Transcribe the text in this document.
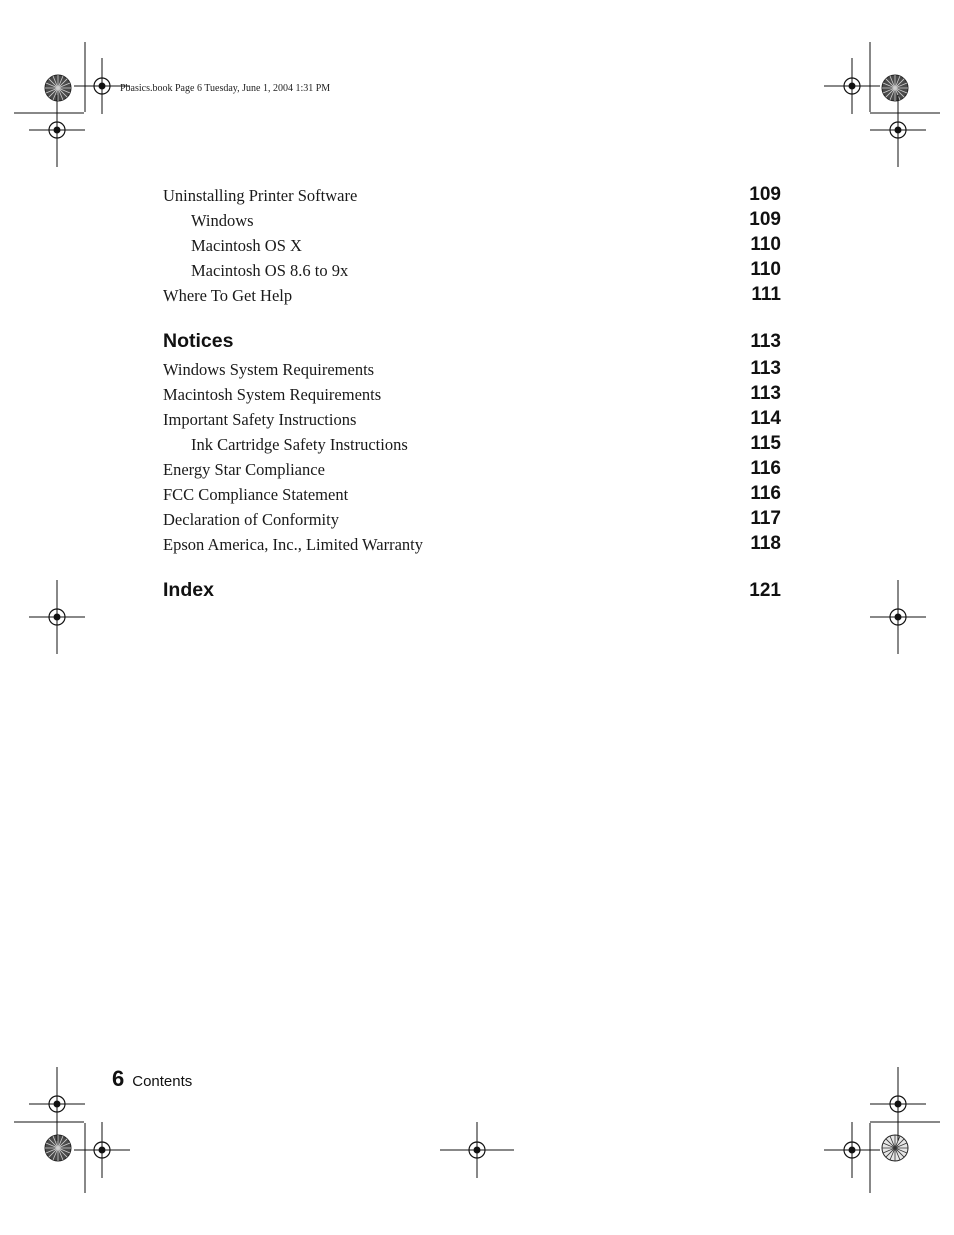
Pbasics.book Page 6 Tuesday, June 1, 2004 1:31 PM
Uninstalling Printer Software	109
Windows	109
Macintosh OS X	110
Macintosh OS 8.6 to 9x	110
Where To Get Help	111
Notices	113
Windows System Requirements	113
Macintosh System Requirements	113
Important Safety Instructions	114
Ink Cartridge Safety Instructions	115
Energy Star Compliance	116
FCC Compliance Statement	116
Declaration of Conformity	117
Epson America, Inc., Limited Warranty	118
Index	121
6 Contents
